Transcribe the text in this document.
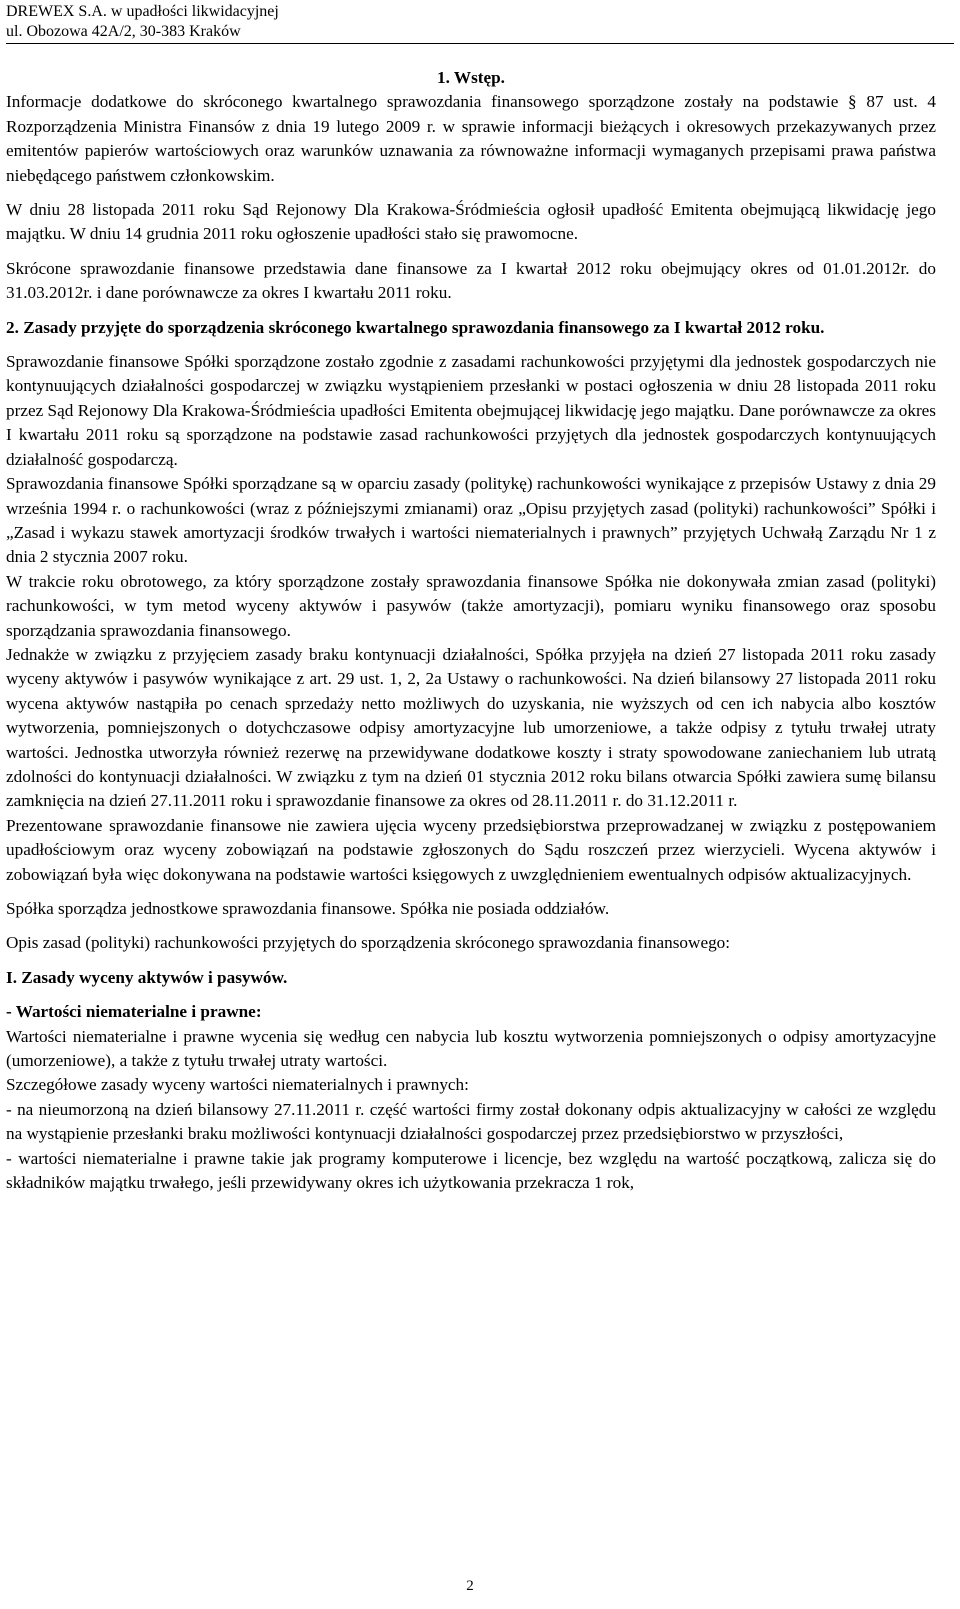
DREWEX S.A. w upadłości likwidacyjnej
ul. Obozowa 42A/2, 30-383 Kraków

1. Wstęp.

Informacje dodatkowe do skróconego kwartalnego sprawozdania finansowego sporządzone zostały na podstawie § 87 ust. 4 Rozporządzenia Ministra Finansów z dnia 19 lutego 2009 r. w sprawie informacji bieżących i okresowych przekazywanych przez emitentów papierów wartościowych oraz warunków uznawania za równoważne informacji wymaganych przepisami prawa państwa niebędącego państwem członkowskim.

W dniu 28 listopada 2011 roku Sąd Rejonowy Dla Krakowa-Śródmieścia ogłosił upadłość Emitenta obejmującą likwidację jego majątku. W dniu 14 grudnia 2011 roku ogłoszenie upadłości stało się prawomocne.

Skrócone sprawozdanie finansowe przedstawia dane finansowe za I kwartał 2012 roku obejmujący okres od 01.01.2012r. do 31.03.2012r. i dane porównawcze za okres I kwartału 2011 roku.

2. Zasady przyjęte do sporządzenia skróconego kwartalnego sprawozdania finansowego za I kwartał 2012 roku.

Sprawozdanie finansowe Spółki sporządzone zostało zgodnie z zasadami rachunkowości przyjętymi dla jednostek gospodarczych nie kontynuujących działalności gospodarczej w związku wystąpieniem przesłanki w postaci ogłoszenia w dniu 28 listopada 2011 roku przez Sąd Rejonowy Dla Krakowa-Śródmieścia upadłości Emitenta obejmującej likwidację jego majątku. Dane porównawcze za okres I kwartału 2011 roku są sporządzone na podstawie zasad rachunkowości przyjętych dla jednostek gospodarczych kontynuujących działalność gospodarczą.

Sprawozdania finansowe Spółki sporządzane są w oparciu zasady (politykę) rachunkowości wynikające z przepisów Ustawy z dnia 29 września 1994 r. o rachunkowości (wraz z późniejszymi zmianami) oraz „Opisu przyjętych zasad (polityki) rachunkowości” Spółki i „Zasad i wykazu stawek amortyzacji środków trwałych i wartości niematerialnych i prawnych” przyjętych Uchwałą Zarządu Nr 1 z dnia 2 stycznia 2007 roku.

W trakcie roku obrotowego, za który sporządzone zostały sprawozdania finansowe Spółka nie dokonywała zmian zasad (polityki) rachunkowości, w tym metod wyceny aktywów i pasywów (także amortyzacji), pomiaru wyniku finansowego oraz sposobu sporządzania sprawozdania finansowego.

Jednakże w związku z przyjęciem zasady braku kontynuacji działalności, Spółka przyjęła na dzień 27 listopada 2011 roku zasady wyceny aktywów i pasywów wynikające z art. 29 ust. 1, 2, 2a Ustawy o rachunkowości. Na dzień bilansowy 27 listopada 2011 roku wycena aktywów nastąpiła po cenach sprzedaży netto możliwych do uzyskania, nie wyższych od cen ich nabycia albo kosztów wytworzenia, pomniejszonych o dotychczasowe odpisy amortyzacyjne lub umorzeniowe, a także odpisy z tytułu trwałej utraty wartości. Jednostka utworzyła również rezerwę na przewidywane dodatkowe koszty i straty spowodowane zaniechaniem lub utratą zdolności do kontynuacji działalności. W związku z tym na dzień 01 stycznia 2012 roku bilans otwarcia Spółki zawiera sumę bilansu zamknięcia na dzień 27.11.2011 roku i sprawozdanie finansowe za okres od 28.11.2011 r. do 31.12.2011 r.

Prezentowane sprawozdanie finansowe nie zawiera ujęcia wyceny przedsiębiorstwa przeprowadzanej w związku z postępowaniem upadłościowym oraz wyceny zobowiązań na podstawie zgłoszonych do Sądu roszczeń przez wierzycieli. Wycena aktywów i zobowiązań była więc dokonywana na podstawie wartości księgowych z uwzględnieniem ewentualnych odpisów aktualizacyjnych.

Spółka sporządza jednostkowe sprawozdania finansowe. Spółka nie posiada oddziałów.

Opis zasad (polityki) rachunkowości przyjętych do sporządzenia skróconego sprawozdania finansowego:

I. Zasady wyceny aktywów i pasywów.

- Wartości niematerialne i prawne:

Wartości niematerialne i prawne wycenia się według cen nabycia lub kosztu wytworzenia pomniejszonych o odpisy amortyzacyjne (umorzeniowe), a także z tytułu trwałej utraty wartości.

Szczegółowe zasady wyceny wartości niematerialnych i prawnych:

- na nieumorzoną na dzień bilansowy 27.11.2011 r. część wartości firmy został dokonany odpis aktualizacyjny w całości ze względu na wystąpienie przesłanki braku możliwości kontynuacji działalności gospodarczej przez przedsiębiorstwo w przyszłości,

- wartości niematerialne i prawne takie jak programy komputerowe i licencje, bez względu na wartość początkową, zalicza się do składników majątku trwałego, jeśli przewidywany okres ich użytkowania przekracza 1 rok,

2
